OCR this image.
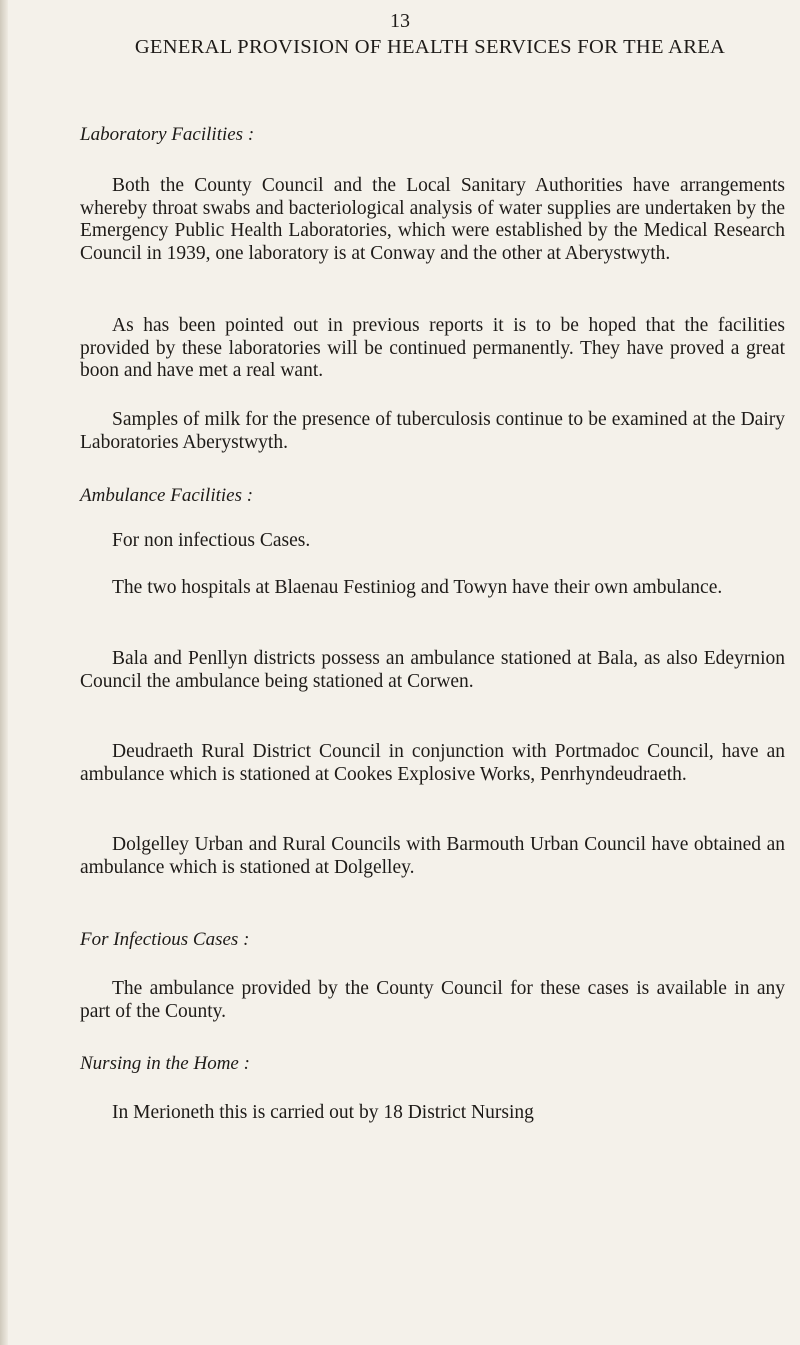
13
GENERAL PROVISION OF HEALTH SERVICES FOR THE AREA
Laboratory Facilities :
Both the County Council and the Local Sanitary Authorities have arrangements whereby throat swabs and bacteriological analysis of water supplies are undertaken by the Emergency Public Health Laboratories, which were established by the Medical Research Council in 1939, one laboratory is at Conway and the other at Aberystwyth.
As has been pointed out in previous reports it is to be hoped that the facilities provided by these laboratories will be continued permanently. They have proved a great boon and have met a real want.
Samples of milk for the presence of tuberculosis continue to be examined at the Dairy Laboratories Aberystwyth.
Ambulance Facilities :
For non infectious Cases.
The two hospitals at Blaenau Festiniog and Towyn have their own ambulance.
Bala and Penllyn districts possess an ambulance stationed at Bala, as also Edeyrnion Council the ambulance being stationed at Corwen.
Deudraeth Rural District Council in conjunction with Portmadoc Council, have an ambulance which is stationed at Cookes Explosive Works, Penrhyndeudraeth.
Dolgelley Urban and Rural Councils with Barmouth Urban Council have obtained an ambulance which is stationed at Dolgelley.
For Infectious Cases :
The ambulance provided by the County Council for these cases is available in any part of the County.
Nursing in the Home :
In Merioneth this is carried out by 18 District Nursing
